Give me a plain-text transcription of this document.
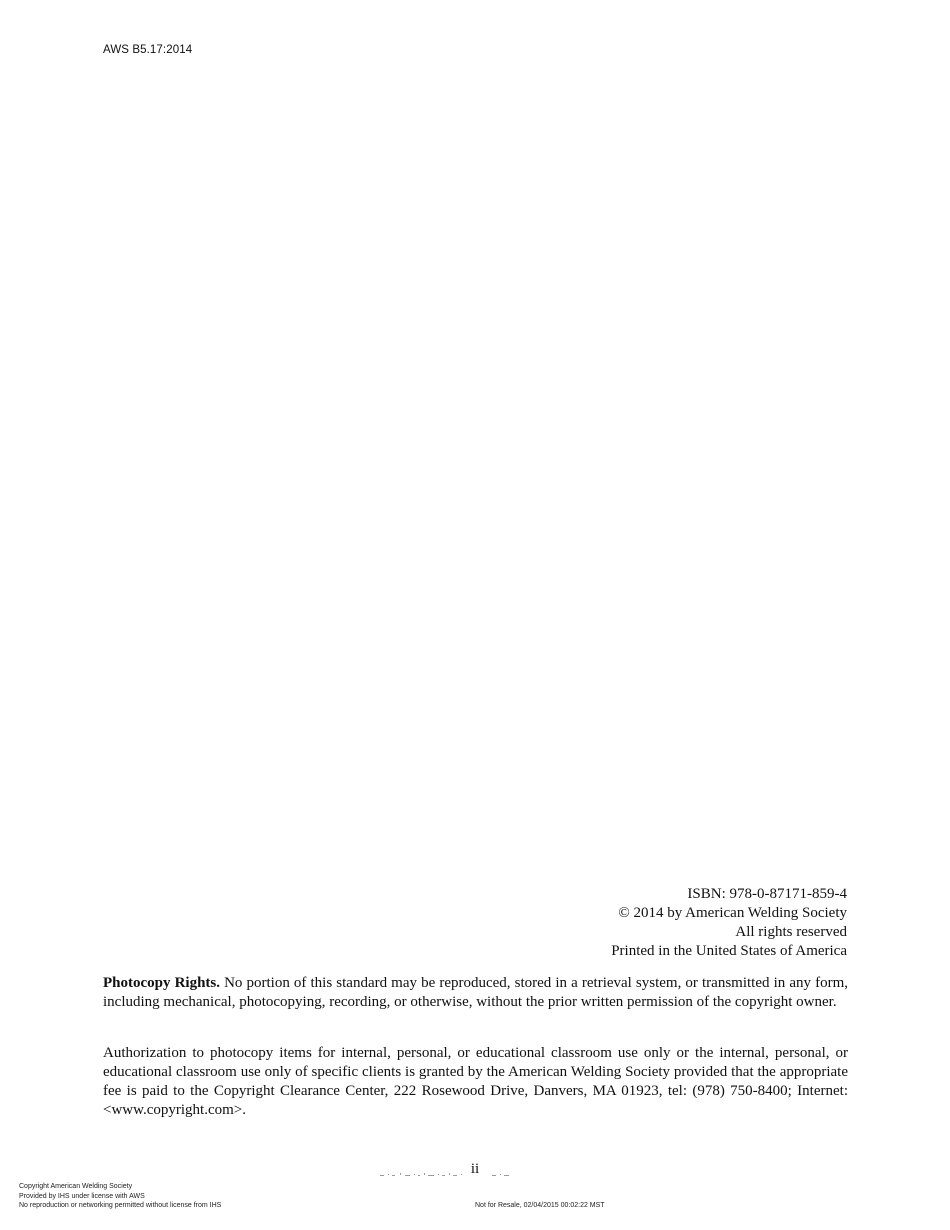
AWS B5.17:2014
ISBN: 978-0-87171-859-4
© 2014 by American Welding Society
All rights reserved
Printed in the United States of America
Photocopy Rights. No portion of this standard may be reproduced, stored in a retrieval system, or transmitted in any form, including mechanical, photocopying, recording, or otherwise, without the prior written permission of the copyright owner.
Authorization to photocopy items for internal, personal, or educational classroom use only or the internal, personal, or educational classroom use only of specific clients is granted by the American Welding Society provided that the appropriate fee is paid to the Copyright Clearance Center, 222 Rosewood Drive, Danvers, MA 01923, tel: (978) 750-8400; Internet: <www.copyright.com>.
ii
Copyright American Welding Society
Provided by IHS under license with AWS
No reproduction or networking permitted without license from IHS	Not for Resale, 02/04/2015 00:02:22 MST
